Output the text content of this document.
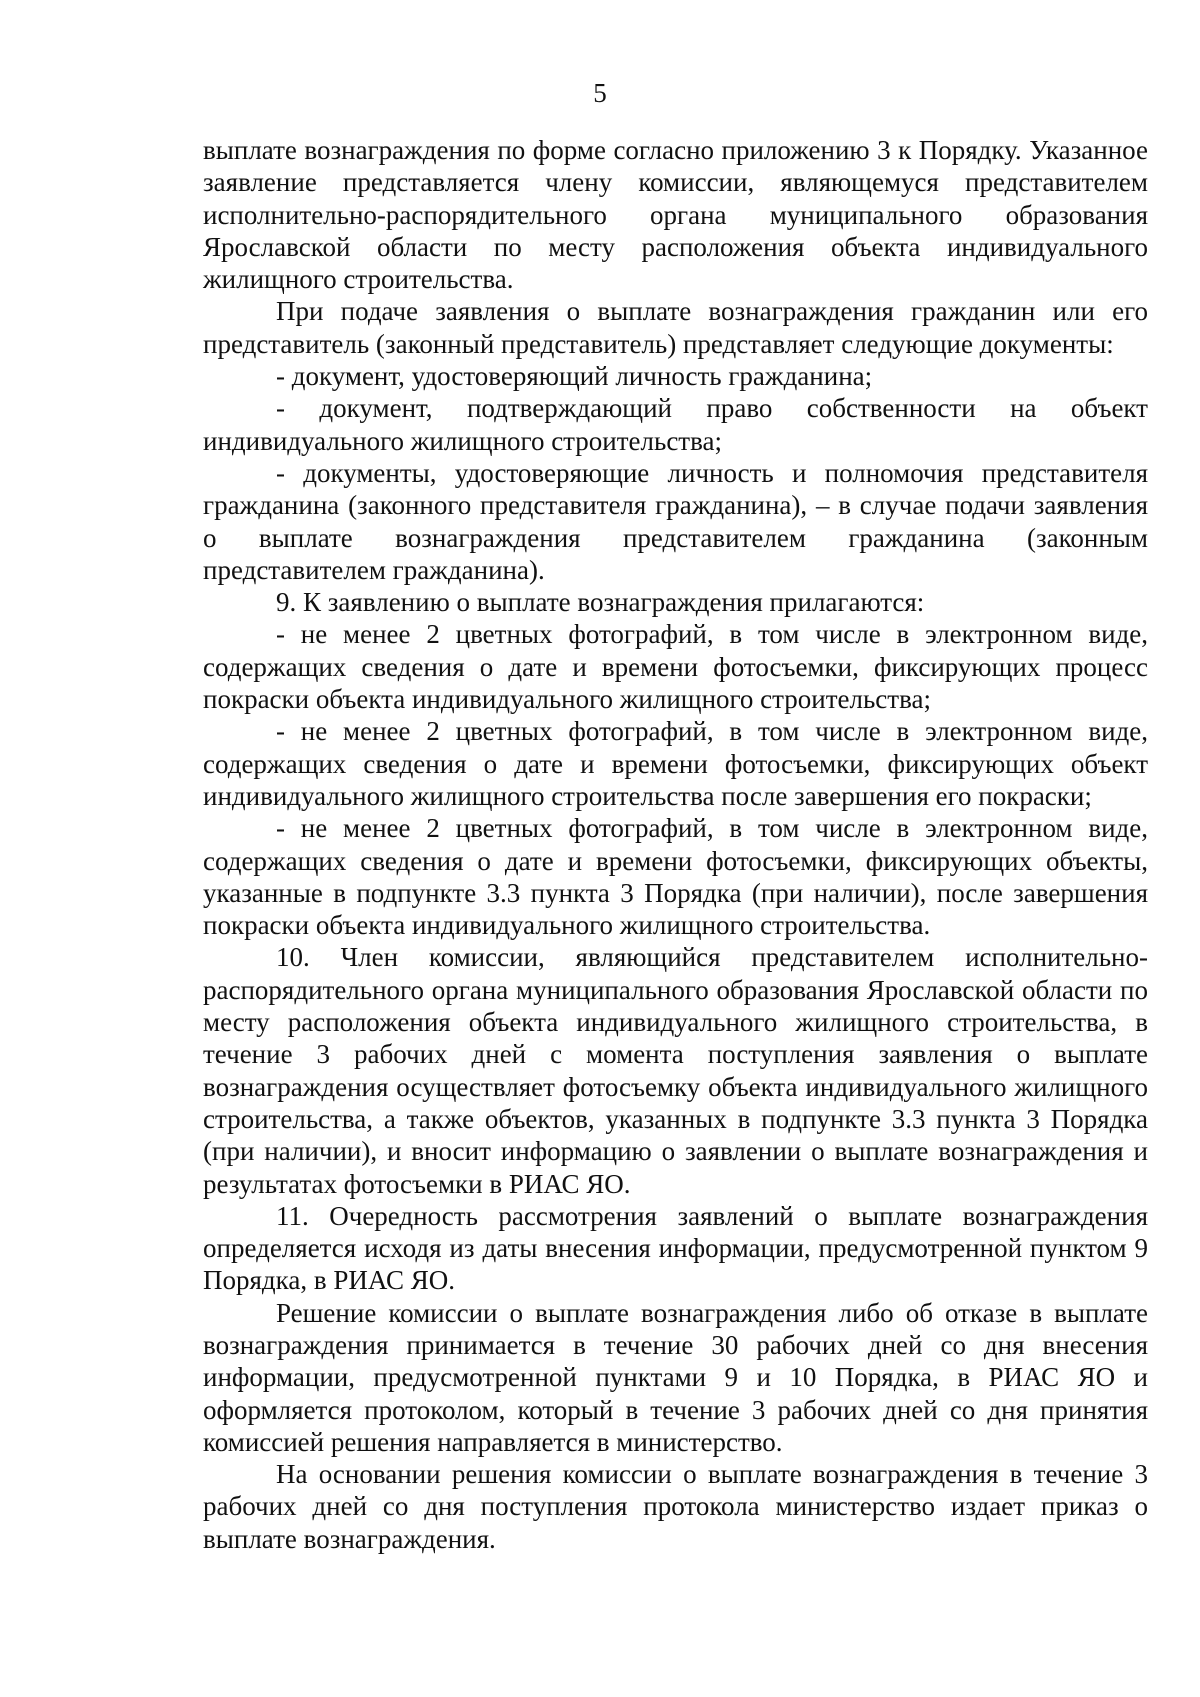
5

выплате вознаграждения по форме согласно приложению 3 к Порядку. Указанное заявление представляется члену комиссии, являющемуся представителем исполнительно-распорядительного органа муниципального образования Ярославской области по месту расположения объекта индивидуального жилищного строительства.

При подаче заявления о выплате вознаграждения гражданин или его представитель (законный представитель) представляет следующие документы:

- документ, удостоверяющий личность гражданина;

- документ, подтверждающий право собственности на объект индивидуального жилищного строительства;

- документы, удостоверяющие личность и полномочия представителя гражданина (законного представителя гражданина), – в случае подачи заявления о выплате вознаграждения представителем гражданина (законным представителем гражданина).

9. К заявлению о выплате вознаграждения прилагаются:

- не менее 2 цветных фотографий, в том числе в электронном виде, содержащих сведения о дате и времени фотосъемки, фиксирующих процесс покраски объекта индивидуального жилищного строительства;

- не менее 2 цветных фотографий, в том числе в электронном виде, содержащих сведения о дате и времени фотосъемки, фиксирующих объект индивидуального жилищного строительства после завершения его покраски;

- не менее 2 цветных фотографий, в том числе в электронном виде, содержащих сведения о дате и времени фотосъемки, фиксирующих объекты, указанные в подпункте 3.3 пункта 3 Порядка (при наличии), после завершения покраски объекта индивидуального жилищного строительства.

10. Член комиссии, являющийся представителем исполнительно-распорядительного органа муниципального образования Ярославской области по месту расположения объекта индивидуального жилищного строительства, в течение 3 рабочих дней с момента поступления заявления о выплате вознаграждения осуществляет фотосъемку объекта индивидуального жилищного строительства, а также объектов, указанных в подпункте 3.3 пункта 3 Порядка (при наличии), и вносит информацию о заявлении о выплате вознаграждения и результатах фотосъемки в РИАС ЯО.

11. Очередность рассмотрения заявлений о выплате вознаграждения определяется исходя из даты внесения информации, предусмотренной пунктом 9 Порядка, в РИАС ЯО.

Решение комиссии о выплате вознаграждения либо об отказе в выплате вознаграждения принимается в течение 30 рабочих дней со дня внесения информации, предусмотренной пунктами 9 и 10 Порядка, в РИАС ЯО и оформляется протоколом, который в течение 3 рабочих дней со дня принятия комиссией решения направляется в министерство.

На основании решения комиссии о выплате вознаграждения в течение 3 рабочих дней со дня поступления протокола министерство издает приказ о выплате вознаграждения.
